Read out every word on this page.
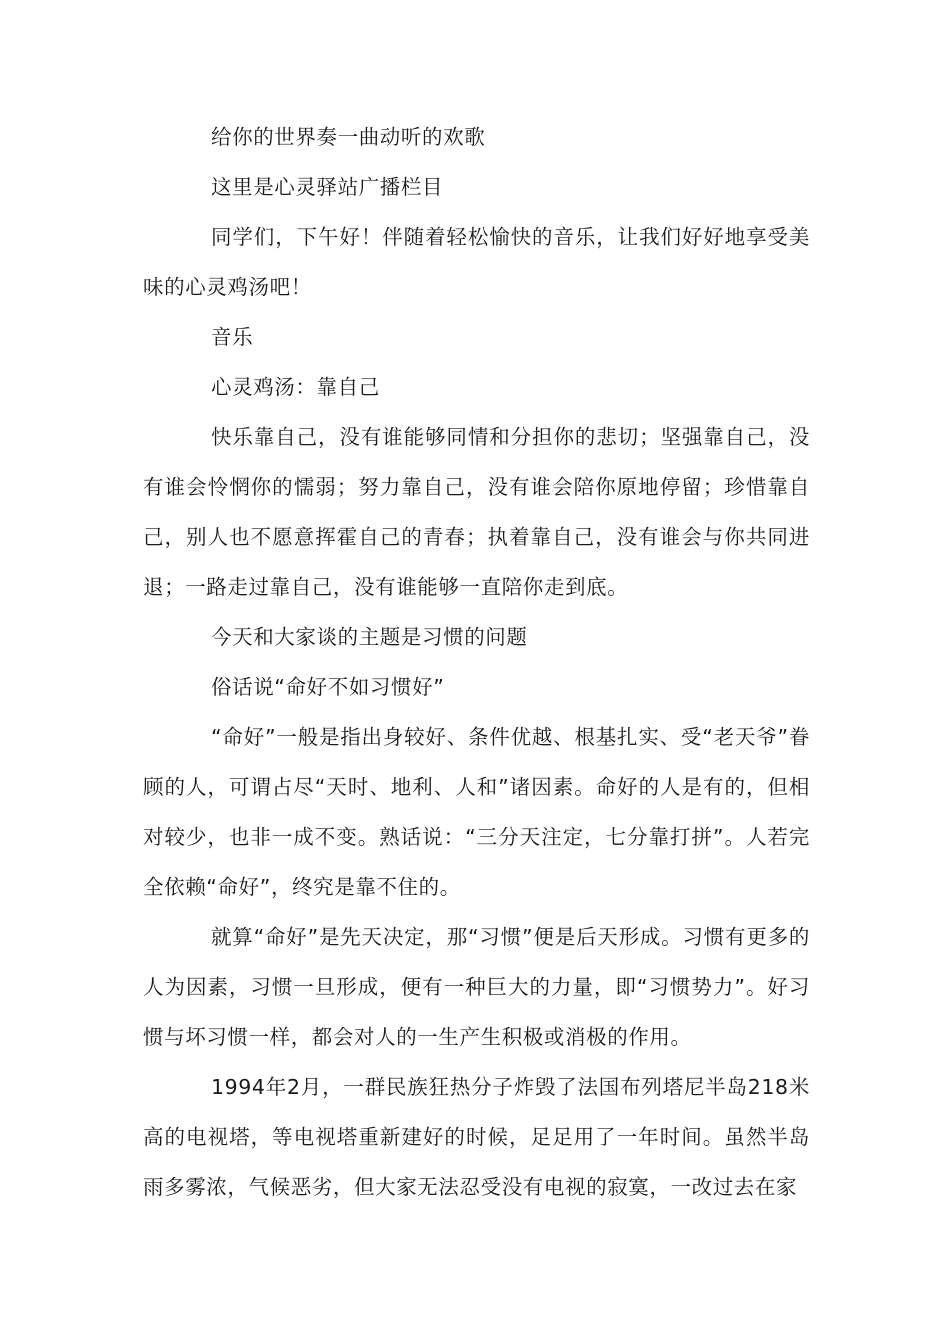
给你的世界奏一曲动听的欢歌

这里是心灵驿站广播栏目

同学们，下午好！伴随着轻松愉快的音乐，让我们好好地享受美味的心灵鸡汤吧！

音乐

心灵鸡汤：靠自己

快乐靠自己，没有谁能够同情和分担你的悲切；坚强靠自己，没有谁会怜惘你的懦弱；努力靠自己，没有谁会陪你原地停留；珍惜靠自己，别人也不愿意挥霍自己的青春；执着靠自己，没有谁会与你共同进退；一路走过靠自己，没有谁能够一直陪你走到底。

今天和大家谈的主题是习惯的问题

俗话说“命好不如习惯好”

“命好”一般是指出身较好、条件优越、根基扎实、受“老天爷”眷顾的人，可谓占尽“天时、地利、人和”诸因素。命好的人是有的，但相对较少，也非一成不变。熟话说：“三分天注定，七分靠打拼”。人若完全依赖“命好”，终究是靠不住的。

就算“命好”是先天决定，那“习惯”便是后天形成。习惯有更多的人为因素，习惯一旦形成，便有一种巨大的力量，即“习惯势力”。好习惯与坏习惯一样，都会对人的一生产生积极或消极的作用。

1994年2月，一群民族狂热分子炸毁了法国布列塔尼半岛218米高的电视塔，等电视塔重新建好的时候，足足用了一年时间。虽然半岛雨多雾浓，气候恶劣，但大家无法忍受没有电视的寂寞，一改过去在家
